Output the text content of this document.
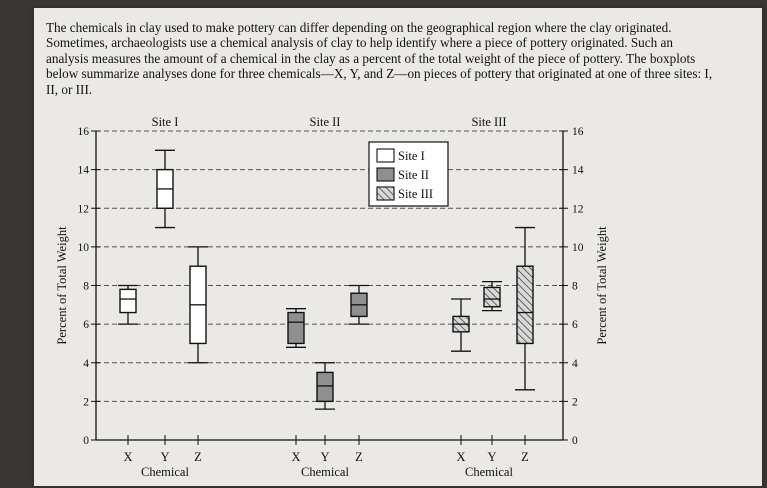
The chemicals in clay used to make pottery can differ depending on the geographical region where the clay originated. Sometimes, archaeologists use a chemical analysis of clay to help identify where a piece of pottery originated. Such an analysis measures the amount of a chemical in the clay as a percent of the total weight of the piece of pottery. The boxplots below summarize analyses done for three chemicals—X, Y, and Z—on pieces of pottery that originated at one of three sites: I, II, or III.
0	0
2	2
4	4
6	6
8	8
10	10
12	12
14	14
16	16
Percent of Total Weight	Percent of Total Weight
Site I
Chemical
X Y Z
Site II
Chemical
X Y Z
Site III
Chemical
X Y Z
Site I
Site II
Site III
